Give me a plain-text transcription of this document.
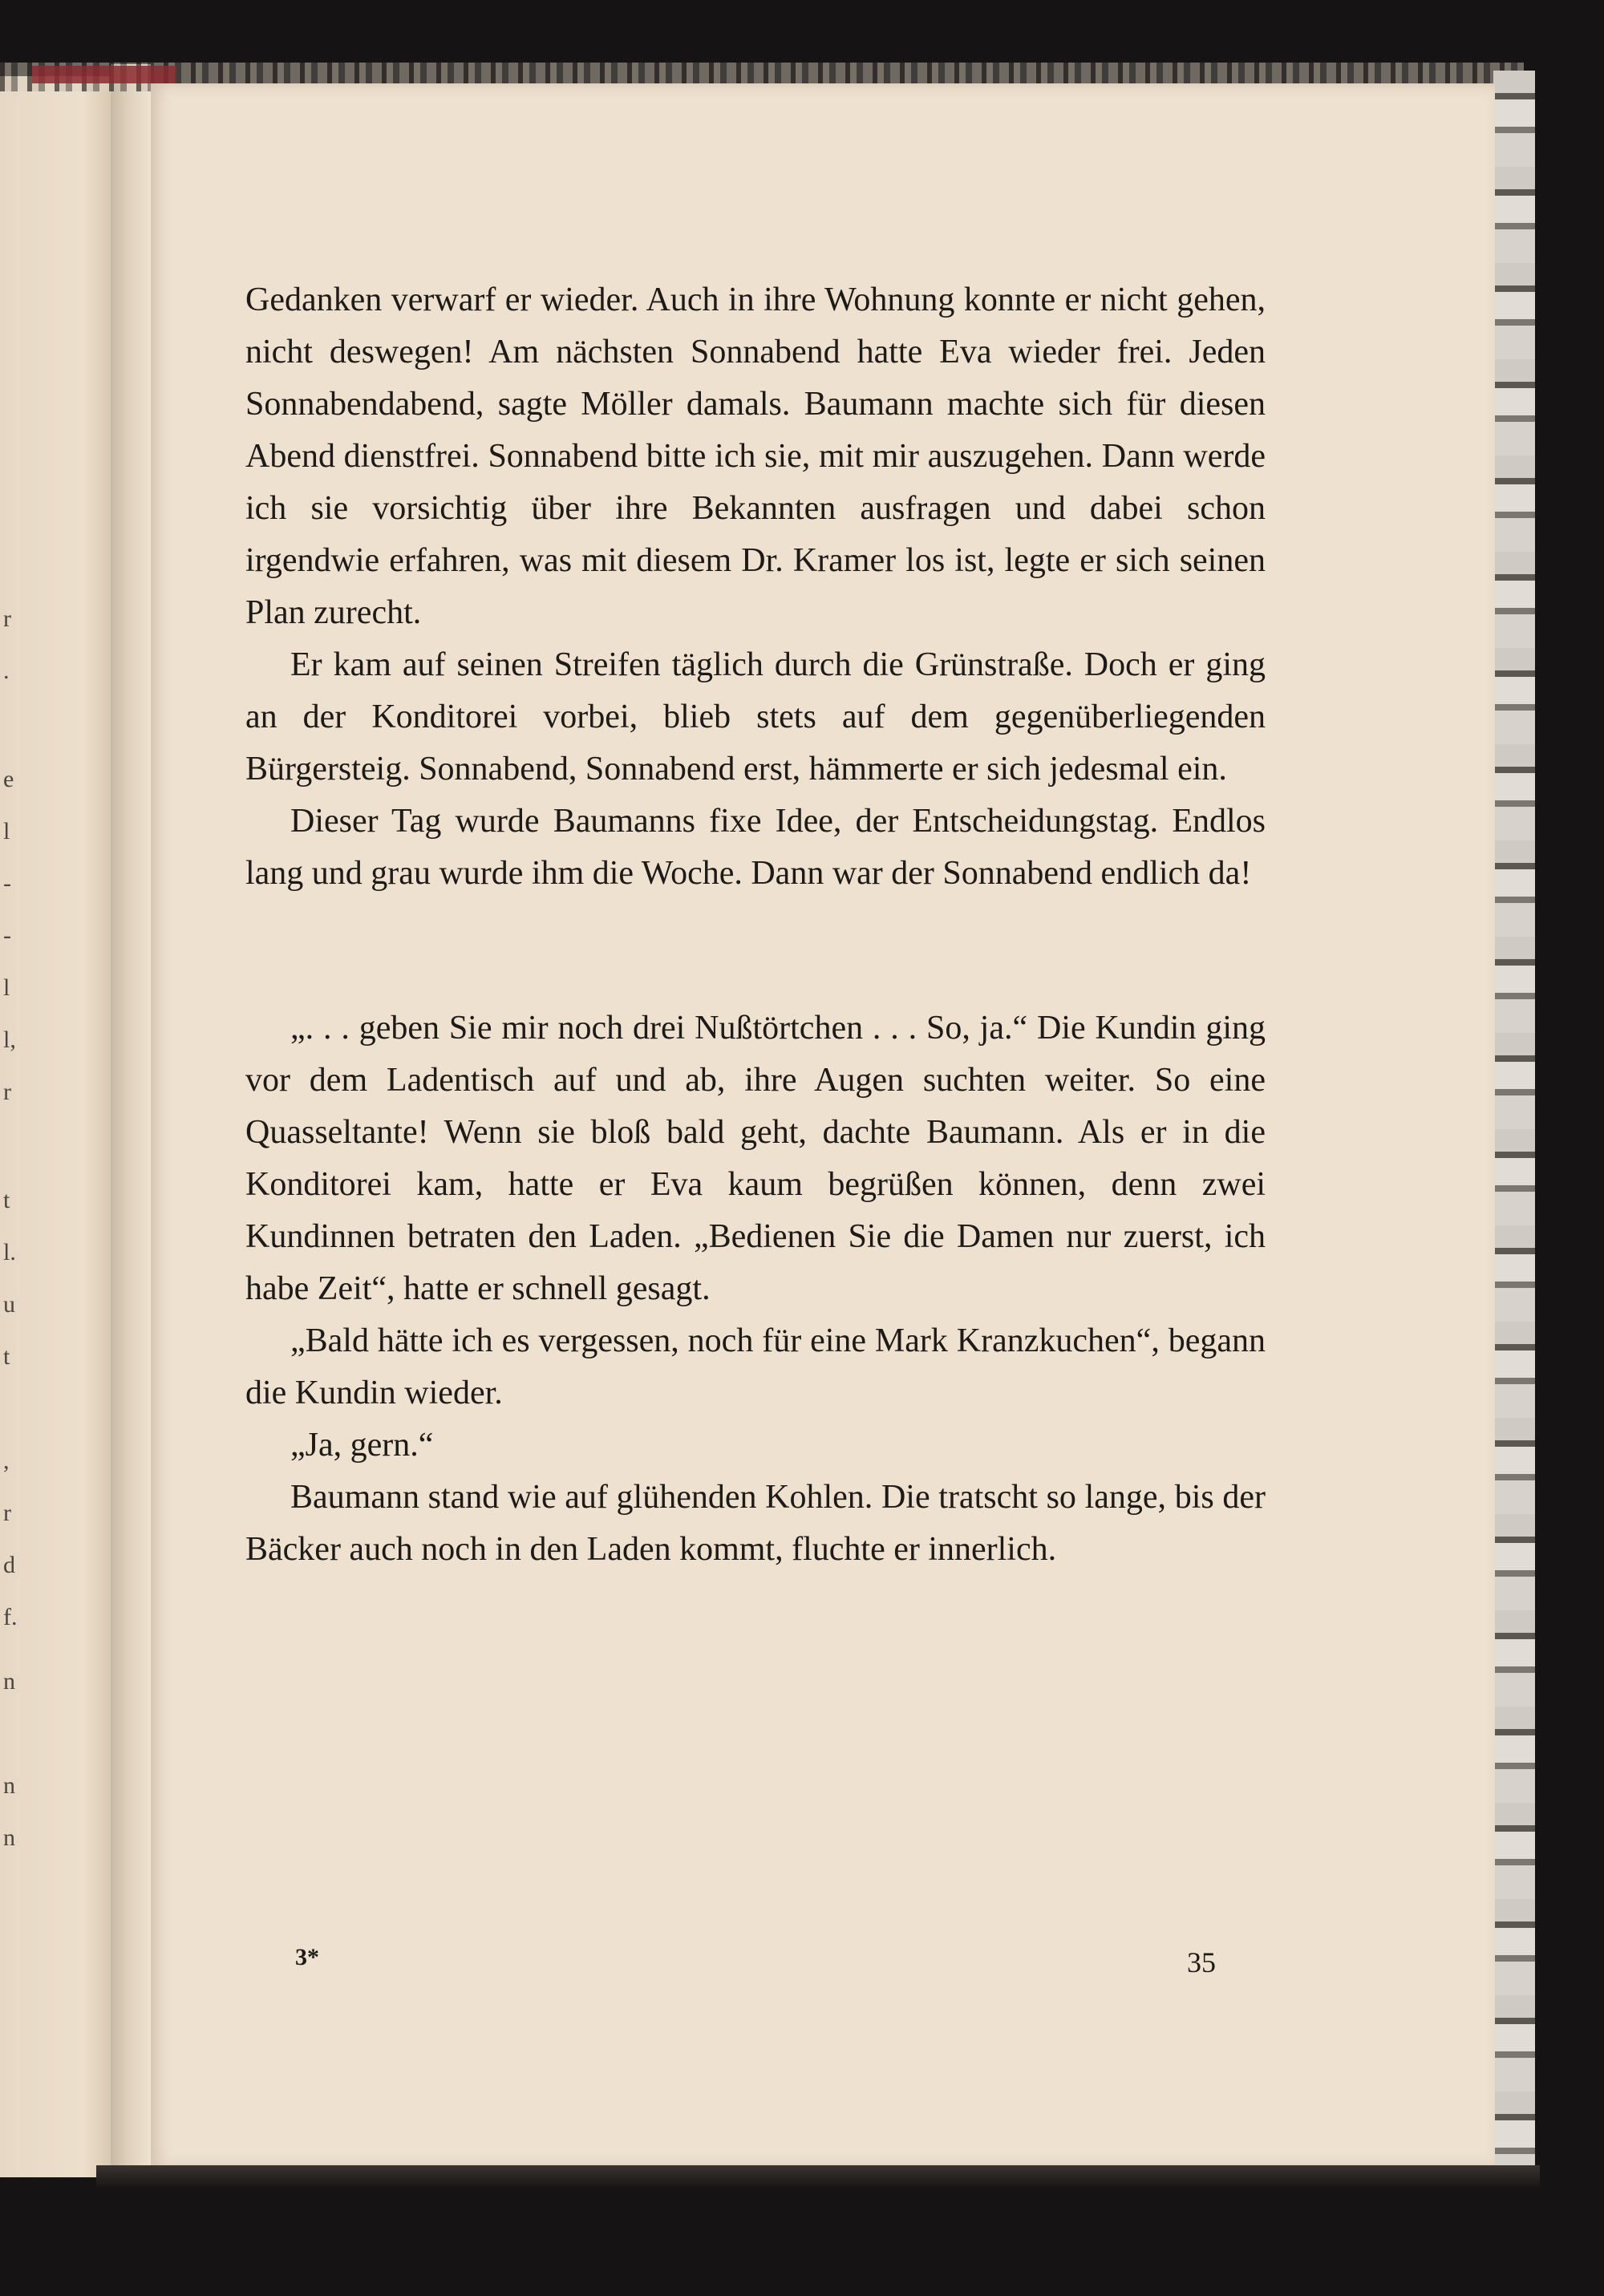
r
.
e
l
-
-
l
l,
r
t
l.
u
t
,
r
d
f.
n
n
n

Gedanken verwarf er wieder. Auch in ihre Wohnung konnte er nicht gehen, nicht deswegen! Am nächsten Sonnabend hatte Eva wieder frei. Jeden Sonnabendabend, sagte Möller damals. Baumann machte sich für diesen Abend dienstfrei. Sonnabend bitte ich sie, mit mir auszugehen. Dann werde ich sie vorsichtig über ihre Bekannten ausfragen und dabei schon irgendwie erfahren, was mit diesem Dr. Kramer los ist, legte er sich seinen Plan zurecht.

Er kam auf seinen Streifen täglich durch die Grünstraße. Doch er ging an der Konditorei vorbei, blieb stets auf dem gegenüberliegenden Bürgersteig. Sonnabend, Sonnabend erst, hämmerte er sich jedesmal ein.

Dieser Tag wurde Baumanns fixe Idee, der Entscheidungstag. Endlos lang und grau wurde ihm die Woche. Dann war der Sonnabend endlich da!

„. . . geben Sie mir noch drei Nußtörtchen . . . So, ja.“ Die Kundin ging vor dem Ladentisch auf und ab, ihre Augen suchten weiter. So eine Quasseltante! Wenn sie bloß bald geht, dachte Baumann. Als er in die Konditorei kam, hatte er Eva kaum begrüßen können, denn zwei Kundinnen betraten den Laden. „Bedienen Sie die Damen nur zuerst, ich habe Zeit“, hatte er schnell gesagt.

„Bald hätte ich es vergessen, noch für eine Mark Kranzkuchen“, begann die Kundin wieder.

„Ja, gern.“

Baumann stand wie auf glühenden Kohlen. Die tratscht so lange, bis der Bäcker auch noch in den Laden kommt, fluchte er innerlich.

3*	35
